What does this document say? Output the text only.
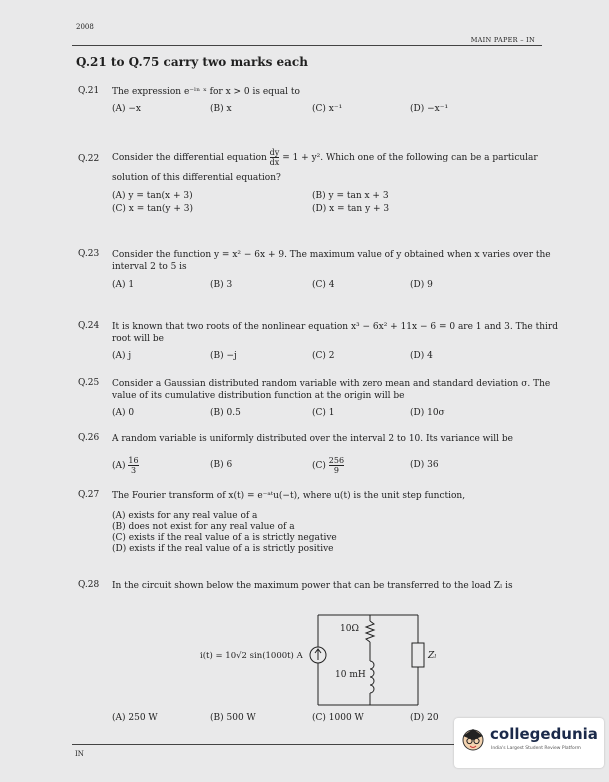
2008
MAIN PAPER – IN
Q.21 to Q.75 carry two marks each
Q.21 The expression e⁻ˡⁿ ˣ for x > 0 is equal to
(A) −x	(B) x	(C) x⁻¹	(D) −x⁻¹
Q.22 Consider the differential equation $\frac{dy}{dx} = 1 + y^2$. Which one of the following can be a particular
solution of this differential equation?
(A) y = tan(x + 3)	(B) y = tan x + 3
(C) x = tan(y + 3)	(D) x = tan y + 3
Q.23 Consider the function y = x² − 6x + 9. The maximum value of y obtained when x varies over the
interval 2 to 5 is
(A) 1	(B) 3	(C) 4	(D) 9
Q.24 It is known that two roots of the nonlinear equation x³ − 6x² + 11x − 6 = 0 are 1 and 3. The third
root will be
(A) j	(B) −j	(C) 2	(D) 4
Q.25 Consider a Gaussian distributed random variable with zero mean and standard deviation σ. The
value of its cumulative distribution function at the origin will be
(A) 0	(B) 0.5	(C) 1	(D) 10σ
Q.26 A random variable is uniformly distributed over the interval 2 to 10. Its variance will be
$(A) \frac{16}{3}$	(B) 6	$(C) \frac{256}{9}$	(D) 36
Q.27 The Fourier transform of x(t) = e⁻ᵃᵗu(−t), where u(t) is the unit step function,
(A) exists for any real value of a
(B) does not exist for any real value of a
(C) exists if the real value of a is strictly negative
(D) exists if the real value of a is strictly positive
Q.28 In the circuit shown below the maximum power that can be transferred to the load Zₗ is
10Ω
10 mH
i(t) = 10√2 sin(1000t) A	Zₗ
(A) 250 W	(B) 500 W	(C) 1000 W	(D) 20
IN
collegedunia
India's Largest Student Review Platform
